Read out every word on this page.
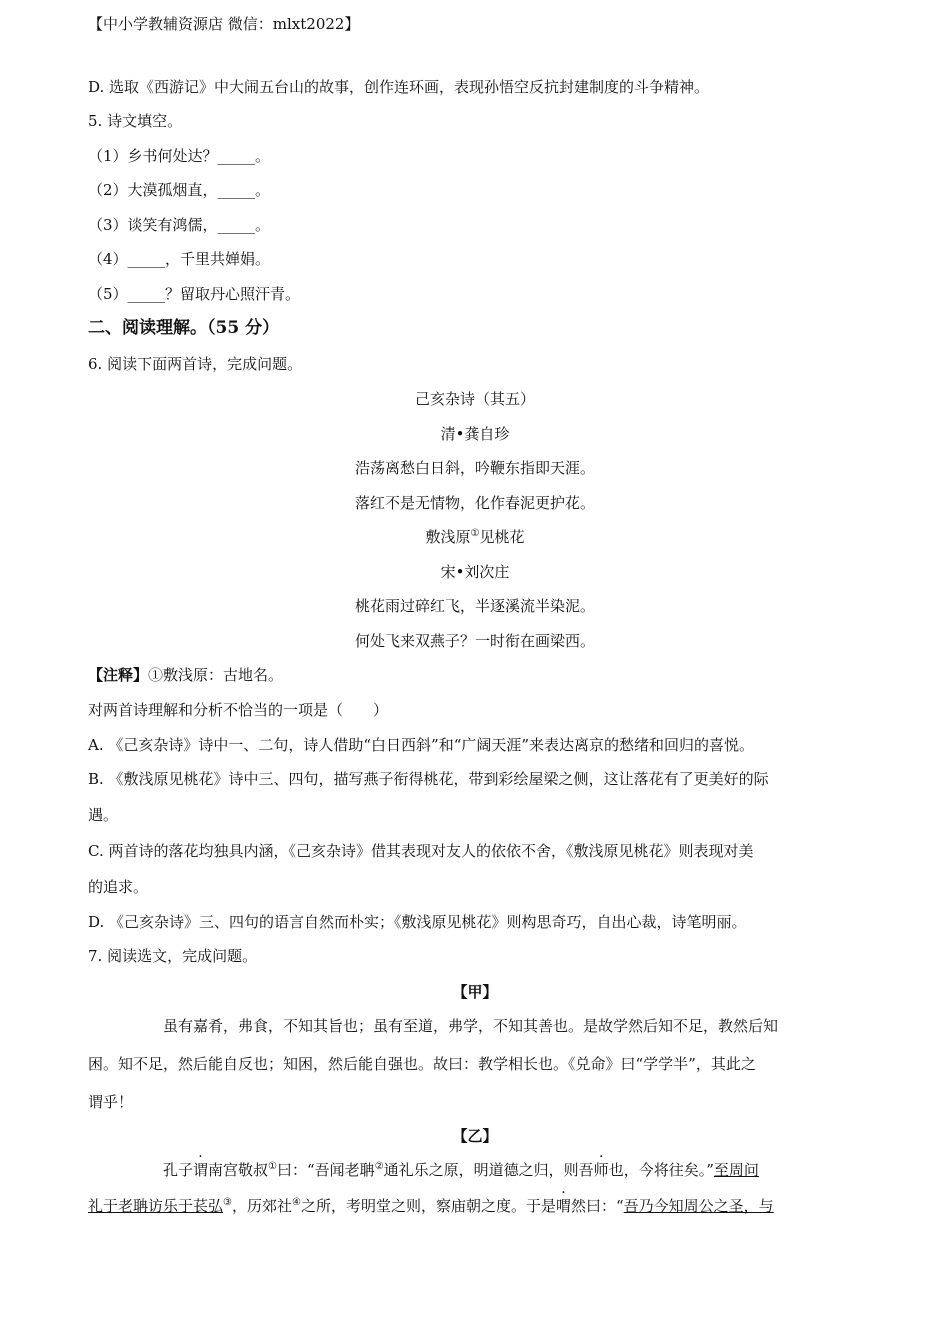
【中小学教辅资源店 微信：mlxt2022】
D. 选取《西游记》中大闹五台山的故事，创作连环画，表现孙悟空反抗封建制度的斗争精神。
5. 诗文填空。
（1）乡书何处达？_____。
（2）大漠孤烟直，_____。
（3）谈笑有鸿儒，_____。
（4）_____，千里共婵娟。
（5）_____？留取丹心照汗青。
二、阅读理解。（55 分）
6. 阅读下面两首诗，完成问题。
己亥杂诗（其五）
清•龚自珍
浩荡离愁白日斜，吟鞭东指即天涯。
落红不是无情物，化作春泥更护花。
敷浅原①见桃花
宋•刘次庄
桃花雨过碎红飞，半逐溪流半染泥。
何处飞来双燕子？一时衔在画梁西。
【注释】①敷浅原：古地名。
对两首诗理解和分析不恰当的一项是（　　）
A. 《己亥杂诗》诗中一、二句，诗人借助“白日西斜”和“广阔天涯”来表达离京的愁绪和回归的喜悦。
B. 《敷浅原见桃花》诗中三、四句，描写燕子衔得桃花，带到彩绘屋梁之侧，这让落花有了更美好的际
遇。
C. 两首诗的落花均独具内涵，《己亥杂诗》借其表现对友人的依依不舍，《敷浅原见桃花》则表现对美
的追求。
D. 《己亥杂诗》三、四句的语言自然而朴实；《敷浅原见桃花》则构思奇巧，自出心裁，诗笔明丽。
7. 阅读选文，完成问题。
【甲】
虽有嘉肴，弗食，不知其旨也；虽有至道，弗学，不知其善也。是故学然后知不足，教然后知
困。知不足，然后能自反也；知困，然后能自强也。故曰：教学相长也。《兑命》曰“学学半”，其此之
谓乎！
【乙】
孔子谓南宫敬叔①曰：“吾闻老聃②通礼乐之原，明道德之归，则吾师也，今将往矣。”至周问
礼于老聃访乐于苌弘③，历郊社④之所，考明堂之则，察庙朝之度。于是喟然曰：“吾乃今知周公之圣，与
